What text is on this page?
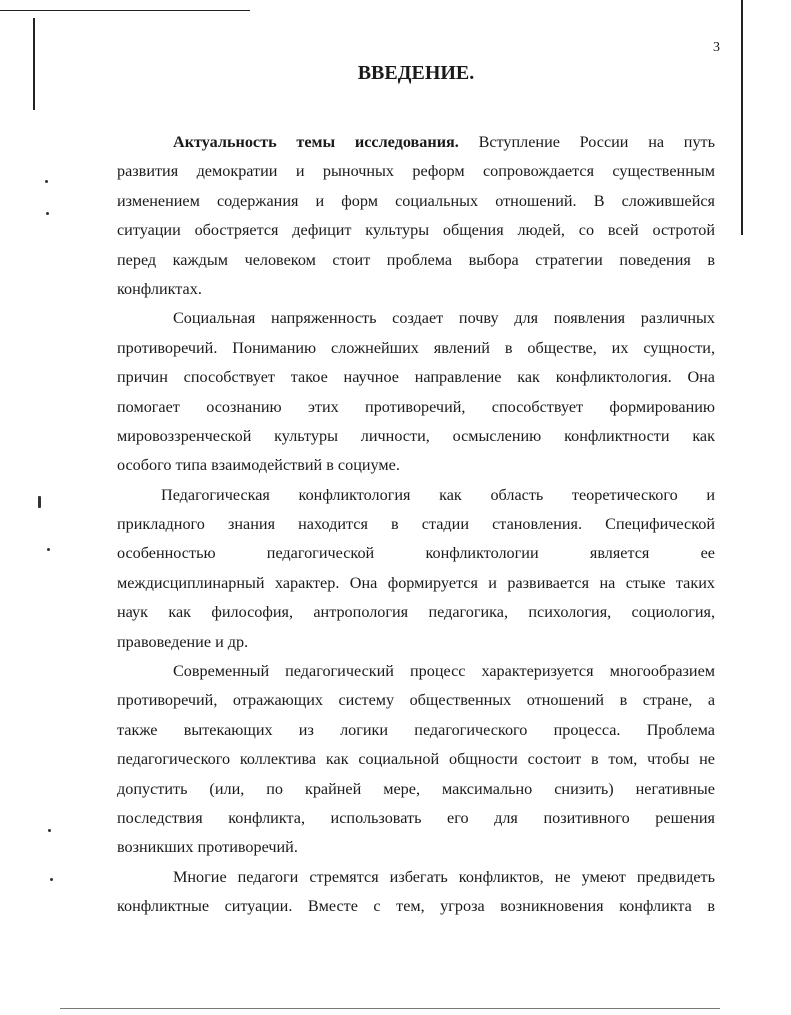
3
ВВЕДЕНИЕ.
Актуальность темы исследования. Вступление России на путь
развития демократии и рыночных реформ сопровождается существенным
изменением содержания и форм социальных отношений. В сложившейся
ситуации обостряется дефицит культуры общения людей, со всей остротой
перед каждым человеком стоит проблема выбора стратегии поведения в
конфликтах.
Социальная напряженность создает почву для появления различных
противоречий. Пониманию сложнейших явлений в обществе, их сущности,
причин способствует такое научное направление как конфликтология. Она
помогает осознанию этих противоречий, способствует формированию
мировоззренческой культуры личности, осмыслению конфликтности как
особого типа взаимодействий в социуме.
Педагогическая конфликтология как область теоретического и
прикладного знания находится в стадии становления. Специфической
особенностью педагогической конфликтологии является ее
междисциплинарный характер. Она формируется и развивается на стыке таких
наук как философия, антропология педагогика, психология, социология,
правоведение и др.
Современный педагогический процесс характеризуется многообразием
противоречий, отражающих систему общественных отношений в стране, а
также вытекающих из логики педагогического процесса. Проблема
педагогического коллектива как социальной общности состоит в том, чтобы не
допустить (или, по крайней мере, максимально снизить) негативные
последствия конфликта, использовать его для позитивного решения
возникших противоречий.
Многие педагоги стремятся избегать конфликтов, не умеют предвидеть
конфликтные ситуации. Вместе с тем, угроза возникновения конфликта в
